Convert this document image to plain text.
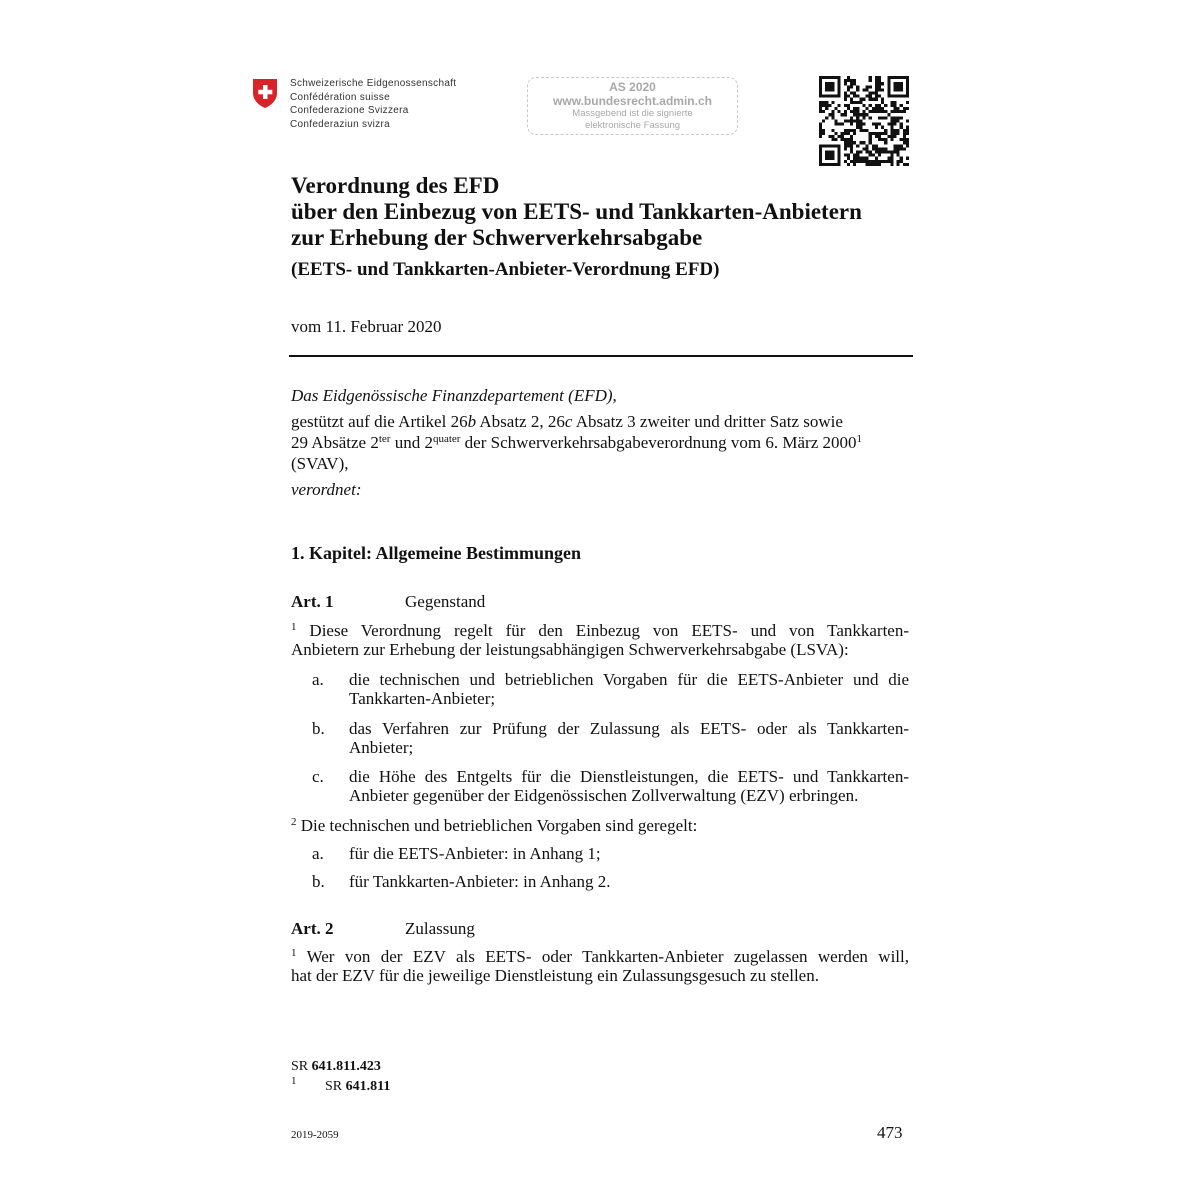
Schweizerische Eidgenossenschaft
Confédération suisse
Confederazione Svizzera
Confederaziun svizra
AS 2020
www.bundesrecht.admin.ch
Massgebend ist die signierte
elektronische Fassung
Verordnung des EFD
über den Einbezug von EETS- und Tankkarten-Anbietern
zur Erhebung der Schwerverkehrsabgabe
(EETS- und Tankkarten-Anbieter-Verordnung EFD)
vom 11. Februar 2020
Das Eidgenössische Finanzdepartement (EFD),
gestützt auf die Artikel 26b Absatz 2, 26c Absatz 3 zweiter und dritter Satz sowie
29 Absätze $2^{ter}$ und $2^{quater}$ der Schwerverkehrsabgabeverordnung vom 6. März 2000$^1$
(SVAV),
verordnet:
1. Kapitel: Allgemeine Bestimmungen
Art. 1	Gegenstand
$^1$ Diese Verordnung regelt für den Einbezug von EETS- und von Tankkarten-
Anbietern zur Erhebung der leistungsabhängigen Schwerverkehrsabgabe (LSVA):
a. die technischen und betrieblichen Vorgaben für die EETS-Anbieter und die
Tankkarten-Anbieter;
b. das Verfahren zur Prüfung der Zulassung als EETS- oder als Tankkarten-
Anbieter;
c. die Höhe des Entgelts für die Dienstleistungen, die EETS- und Tankkarten-
Anbieter gegenüber der Eidgenössischen Zollverwaltung (EZV) erbringen.
$^2$ Die technischen und betrieblichen Vorgaben sind geregelt:
a. für die EETS-Anbieter: in Anhang 1;
b. für Tankkarten-Anbieter: in Anhang 2.
Art. 2	Zulassung
$^1$ Wer von der EZV als EETS- oder Tankkarten-Anbieter zugelassen werden will,
hat der EZV für die jeweilige Dienstleistung ein Zulassungsgesuch zu stellen.
SR 641.811.423
$^1$ SR 641.811
2019-2059	473
